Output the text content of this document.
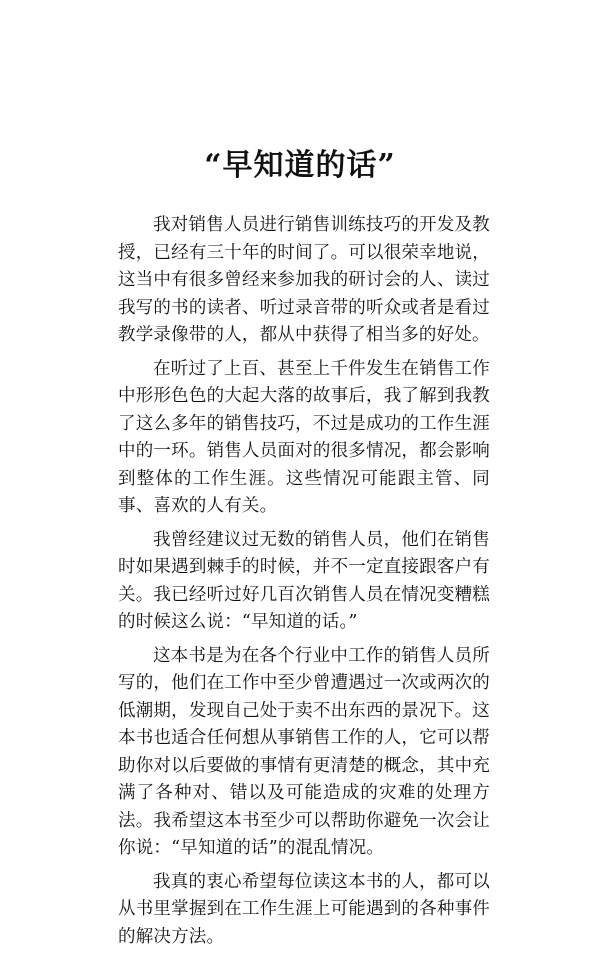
“早知道的话”

我对销售人员进行销售训练技巧的开发及教授，已经有三十年的时间了。可以很荣幸地说，这当中有很多曾经来参加我的研讨会的人、读过我写的书的读者、听过录音带的听众或者是看过教学录像带的人，都从中获得了相当多的好处。

在听过了上百、甚至上千件发生在销售工作中形形色色的大起大落的故事后，我了解到我教了这么多年的销售技巧，不过是成功的工作生涯中的一环。销售人员面对的很多情况，都会影响到整体的工作生涯。这些情况可能跟主管、同事、喜欢的人有关。

我曾经建议过无数的销售人员，他们在销售时如果遇到棘手的时候，并不一定直接跟客户有关。我已经听过好几百次销售人员在情况变糟糕的时候这么说：“早知道的话。”

这本书是为在各个行业中工作的销售人员所写的，他们在工作中至少曾遭遇过一次或两次的低潮期，发现自己处于卖不出东西的景况下。这本书也适合任何想从事销售工作的人，它可以帮助你对以后要做的事情有更清楚的概念，其中充满了各种对、错以及可能造成的灾难的处理方法。我希望这本书至少可以帮助你避免一次会让你说：“早知道的话”的混乱情况。

我真的衷心希望每位读这本书的人，都可以从书里掌握到在工作生涯上可能遇到的各种事件的解决方法。
